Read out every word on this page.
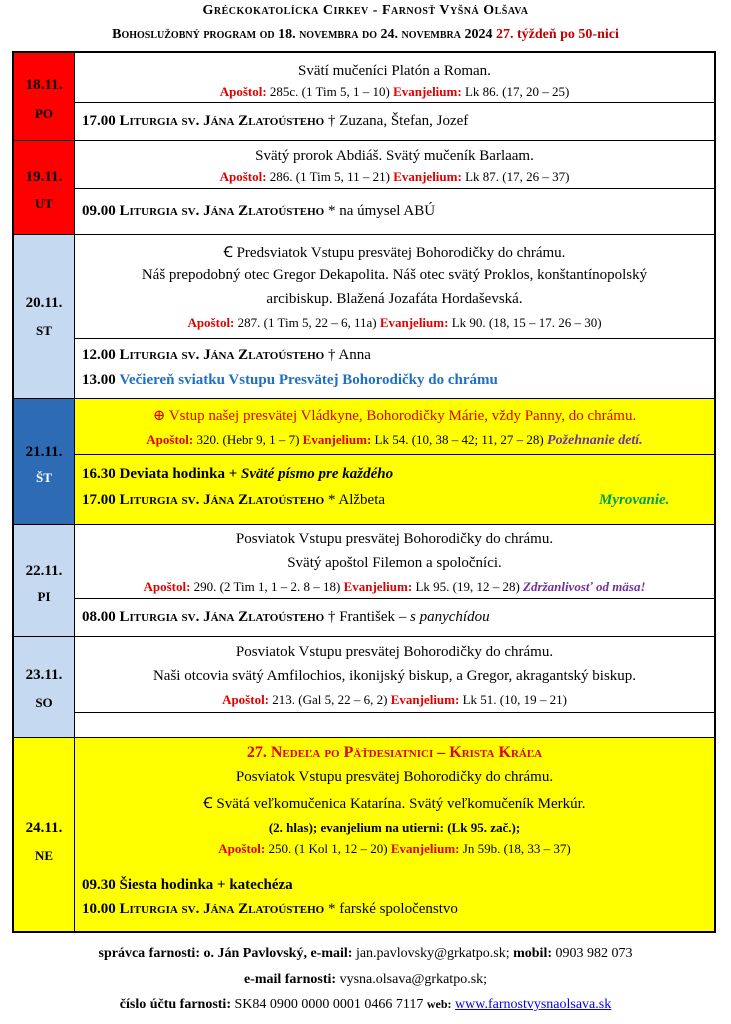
Gréckokatolícka Cirkev - Farnosť Vyšná Olšava
Bohoslužobný program od 18. novembra do 24. novembra 2024 27. týždeň po 50-nici
18.11.
PO
Svätí mučeníci Platón a Roman.
Apoštol: 285c. (1 Tim 5, 1 – 10) Evanjelium: Lk 86. (17, 20 – 25)
17.00 Liturgia sv. Jána Zlatoústeho † Zuzana, Štefan, Jozef
19.11.
UT
Svätý prorok Abdiáš. Svätý mučeník Barlaam.
Apoštol: 286. (1 Tim 5, 11 – 21) Evanjelium: Lk 87. (17, 26 – 37)
09.00 Liturgia sv. Jána Zlatoústeho * na úmysel ABÚ
20.11.
ST
Ꞓ Predsviatok Vstupu presvätej Bohorodičky do chrámu.
Náš prepodobný otec Gregor Dekapolita. Náš otec svätý Proklos, konštantínopolský
arcibiskup. Blažená Jozafáta Hordaševská.
Apoštol: 287. (1 Tim 5, 22 – 6, 11a) Evanjelium: Lk 90. (18, 15 – 17. 26 – 30)
12.00 Liturgia sv. Jána Zlatoústeho † Anna
13.00 Večiereň sviatku Vstupu Presvätej Bohorodičky do chrámu
21.11.
ŠT
⊕ Vstup našej presvätej Vládkyne, Bohorodičky Márie, vždy Panny, do chrámu.
Apoštol: 320. (Hebr 9, 1 – 7) Evanjelium: Lk 54. (10, 38 – 42; 11, 27 – 28) Požehnanie detí.
16.30 Deviata hodinka + Sväté písmo pre každého
17.00 Liturgia sv. Jána Zlatoústeho * Alžbeta	Myrovanie.
22.11.
PI
Posviatok Vstupu presvätej Bohorodičky do chrámu.
Svätý apoštol Filemon a spoločníci.
Apoštol: 290. (2 Tim 1, 1 – 2. 8 – 18) Evanjelium: Lk 95. (19, 12 – 28) Zdržanlivosť od mäsa!
08.00 Liturgia sv. Jána Zlatoústeho † František – s panychídou
23.11.
SO
Posviatok Vstupu presvätej Bohorodičky do chrámu.
Naši otcovia svätý Amfilochios, ikonijský biskup, a Gregor, akragantský biskup.
Apoštol: 213. (Gal 5, 22 – 6, 2) Evanjelium: Lk 51. (10, 19 – 21)
24.11.
NE
27. Nedeľa po Päťdesiatnici – Krista Kráľa
Posviatok Vstupu presvätej Bohorodičky do chrámu.
Ꞓ Svätá veľkomučenica Katarína. Svätý veľkomučeník Merkúr.
(2. hlas); evanjelium na utierni: (Lk 95. zač.);
Apoštol: 250. (1 Kol 1, 12 – 20) Evanjelium: Jn 59b. (18, 33 – 37)
09.30 Šiesta hodinka + katechéza
10.00 Liturgia sv. Jána Zlatoústeho * farské spoločenstvo
správca farnosti: o. Ján Pavlovský, e-mail: jan.pavlovsky@grkatpo.sk; mobil: 0903 982 073
e-mail farnosti: vysna.olsava@grkatpo.sk;
číslo účtu farnosti: SK84 0900 0000 0001 0466 7117 web: www.farnostvysnaolsava.sk
